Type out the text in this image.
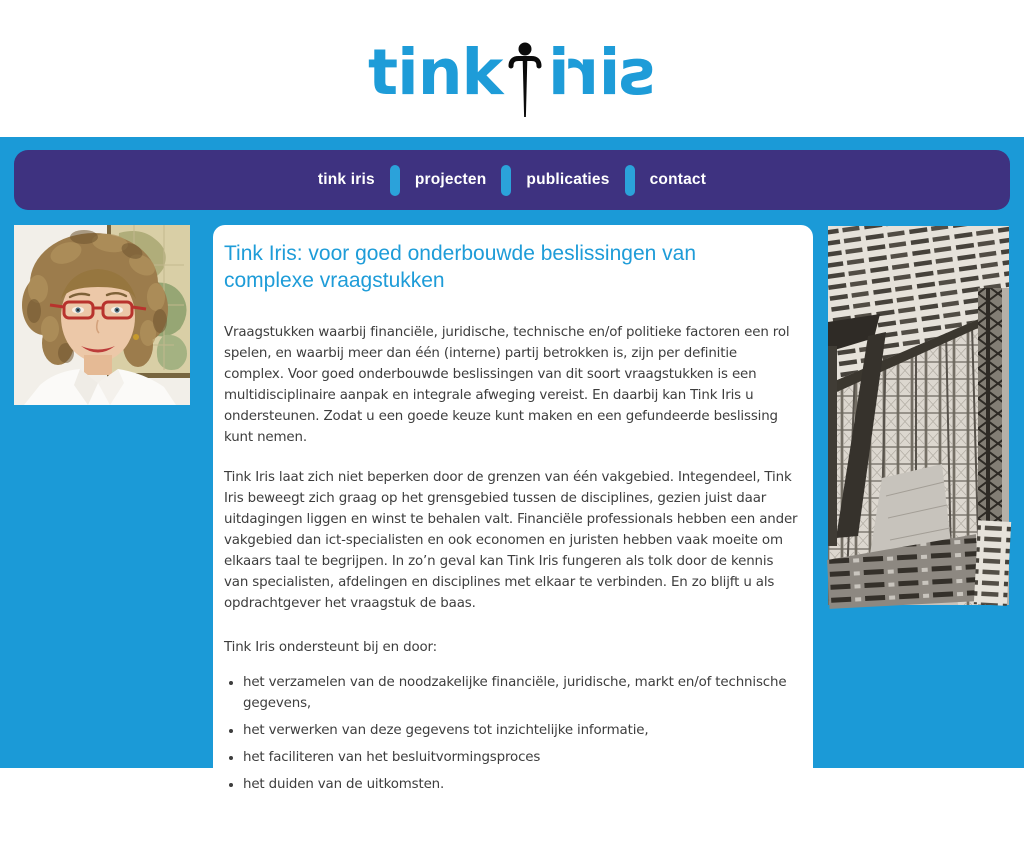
tink iris
tink iris	projecten	publicaties	contact
Tink Iris: voor goed onderbouwde beslissingen van complexe vraagstukken

Vraagstukken waarbij financiële, juridische, technische en/of politieke factoren een rol spelen, en waarbij meer dan één (interne) partij betrokken is, zijn per definitie complex. Voor goed onderbouwde beslissingen van dit soort vraagstukken is een multidisciplinaire aanpak en integrale afweging vereist. En daarbij kan Tink Iris u ondersteunen. Zodat u een goede keuze kunt maken en een gefundeerde beslissing kunt nemen.

Tink Iris laat zich niet beperken door de grenzen van één vakgebied. Integendeel, Tink Iris beweegt zich graag op het grensgebied tussen de disciplines, gezien juist daar uitdagingen liggen en winst te behalen valt. Financiële professionals hebben een ander vakgebied dan ict-specialisten en ook economen en juristen hebben vaak moeite om elkaars taal te begrijpen. In zo’n geval kan Tink Iris fungeren als tolk door de kennis van specialisten, afdelingen en disciplines met elkaar te verbinden. En zo blijft u als opdrachtgever het vraagstuk de baas.

Tink Iris ondersteunt bij en door:

• het verzamelen van de noodzakelijke financiële, juridische, markt en/of technische gegevens,
• het verwerken van deze gegevens tot inzichtelijke informatie,
• het faciliteren van het besluitvormingsproces
• het duiden van de uitkomsten.
